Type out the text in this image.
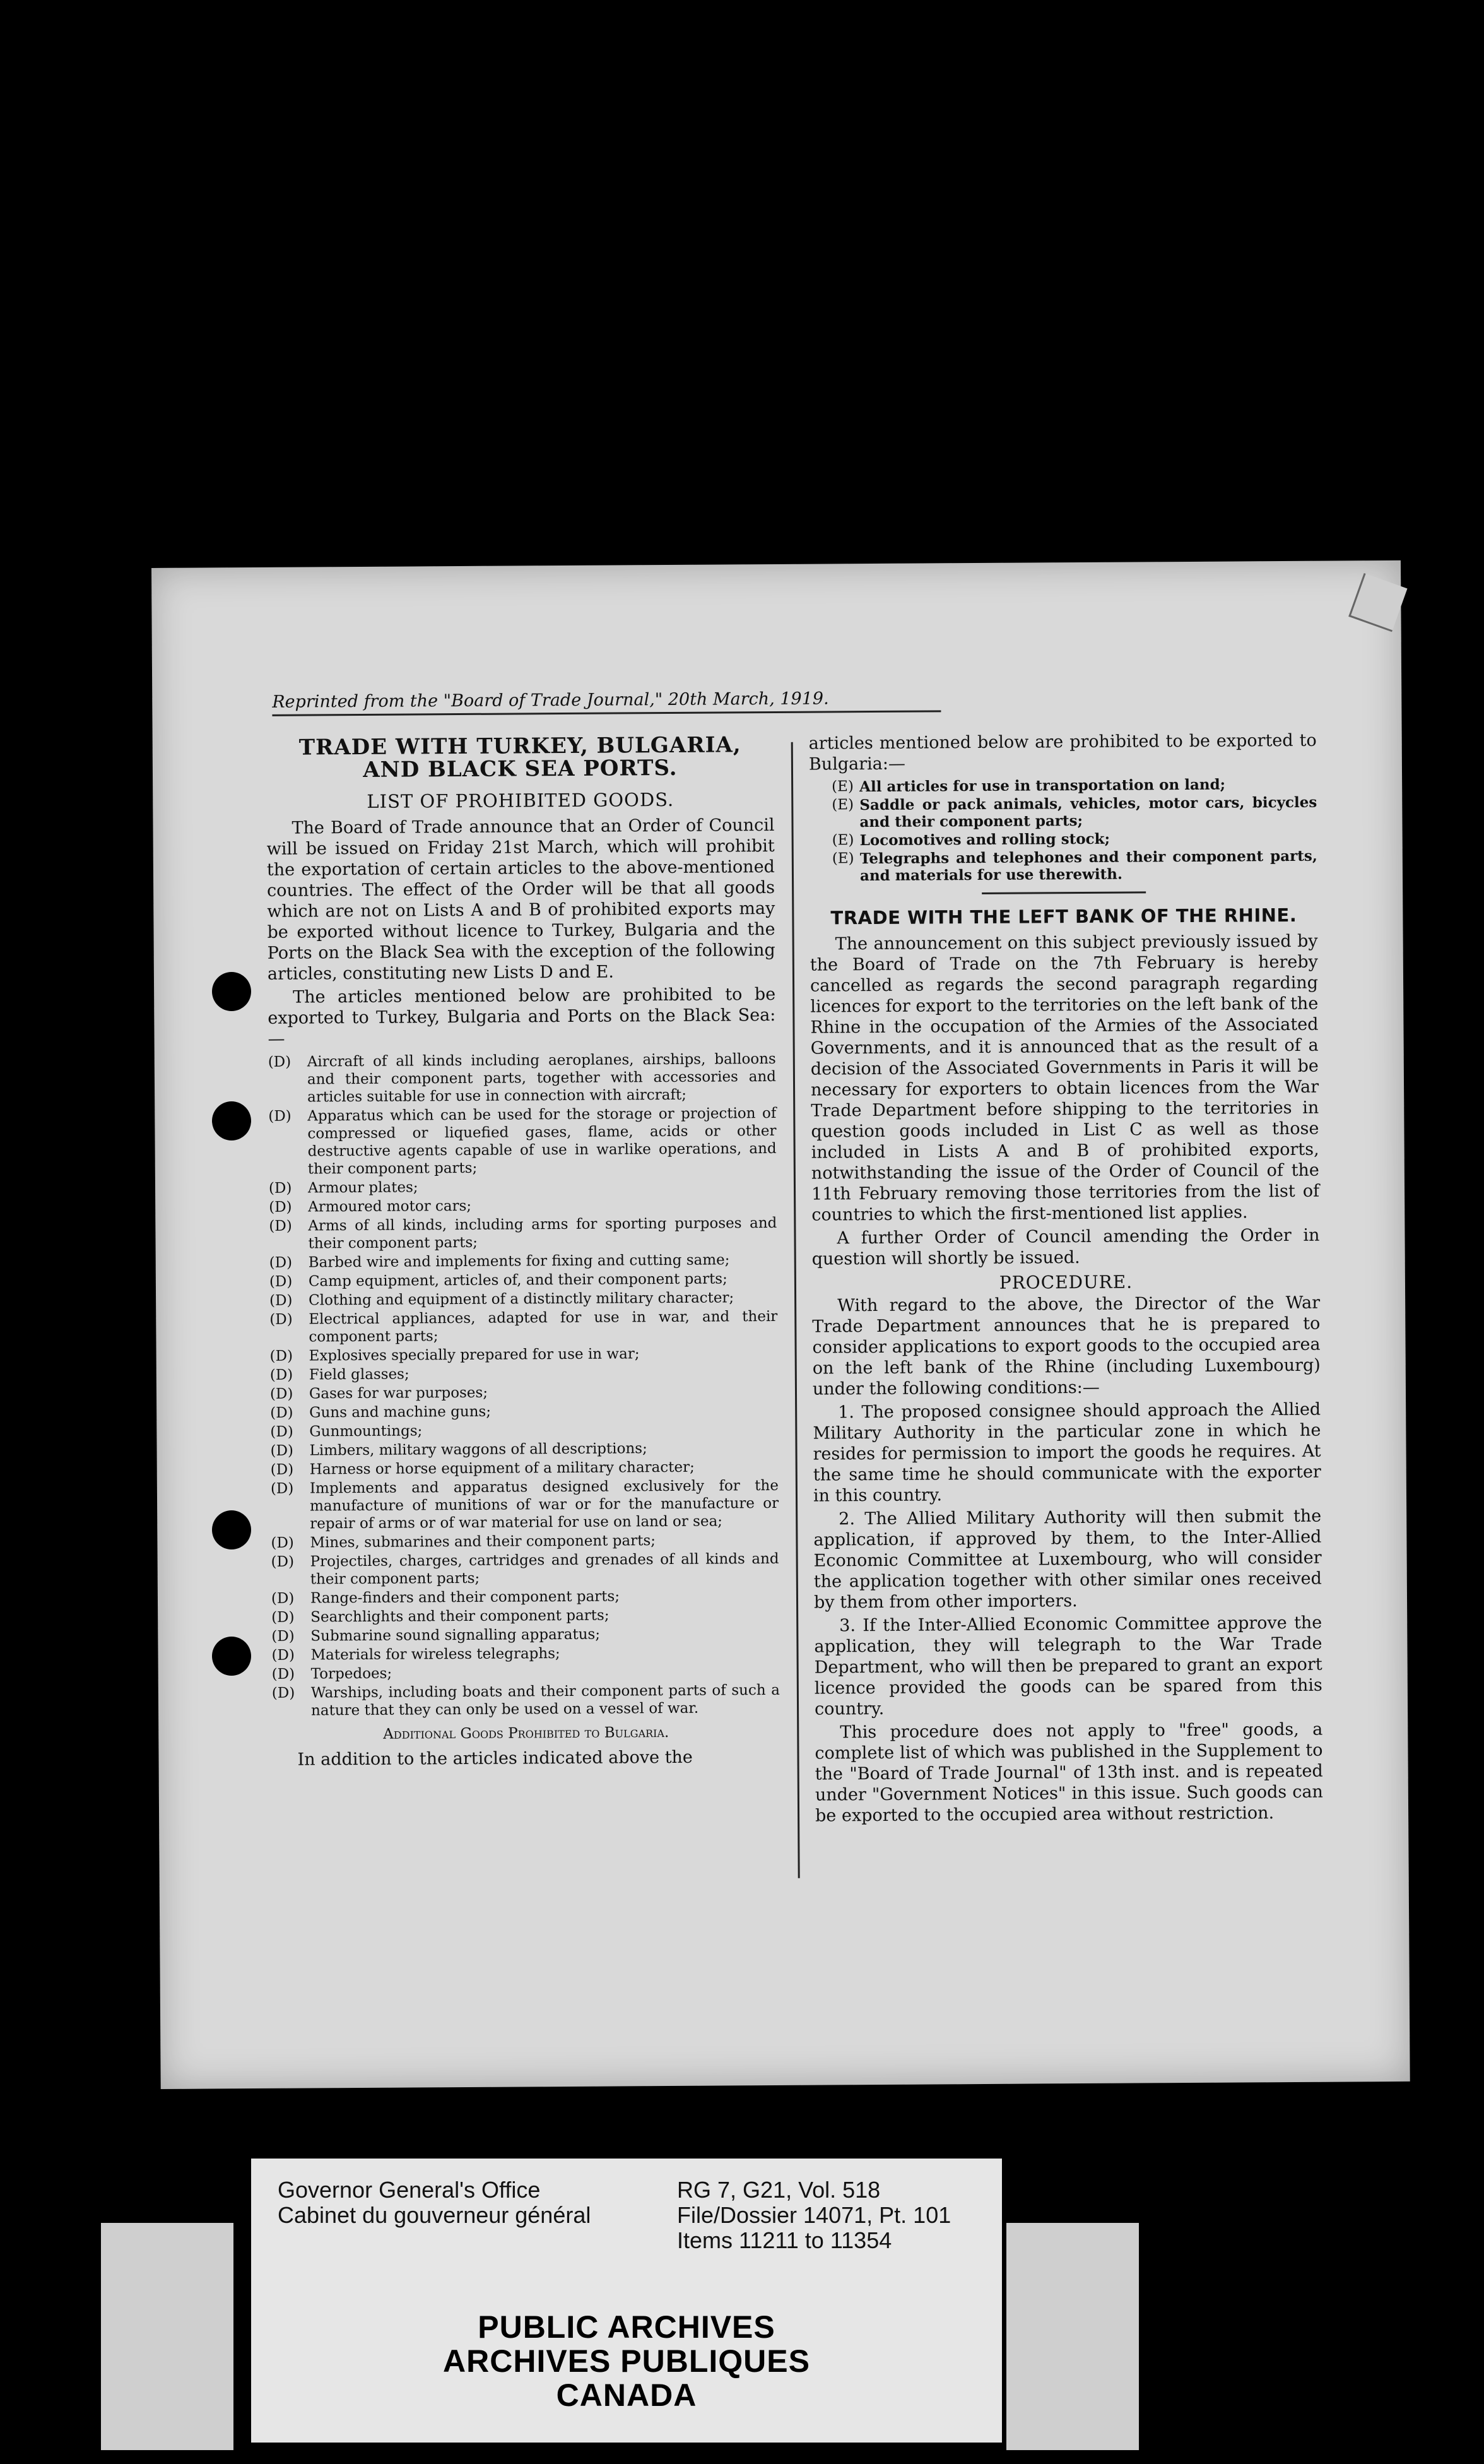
Reprinted from the "Board of Trade Journal," 20th March, 1919.
TRADE WITH TURKEY, BULGARIA,
AND BLACK SEA PORTS.
LIST OF PROHIBITED GOODS.

The Board of Trade announce that an Order of Council will be issued on Friday 21st March, which will prohibit the exportation of certain articles to the above-mentioned countries. The effect of the Order will be that all goods which are not on Lists A and B of prohibited exports may be exported without licence to Turkey, Bulgaria and the Ports on the Black Sea with the exception of the following articles, constituting new Lists D and E.

The articles mentioned below are prohibited to be exported to Turkey, Bulgaria and Ports on the Black Sea:—

(D) Aircraft of all kinds including aeroplanes, airships, balloons and their component parts, together with accessories and articles suitable for use in connection with aircraft;
(D) Apparatus which can be used for the storage or projection of compressed or liquefied gases, flame, acids or other destructive agents capable of use in warlike operations, and their component parts;
(D) Armour plates;
(D) Armoured motor cars;
(D) Arms of all kinds, including arms for sporting purposes and their component parts;
(D) Barbed wire and implements for fixing and cutting same;
(D) Camp equipment, articles of, and their component parts;
(D) Clothing and equipment of a distinctly military character;
(D) Electrical appliances, adapted for use in war, and their component parts;
(D) Explosives specially prepared for use in war;
(D) Field glasses;
(D) Gases for war purposes;
(D) Guns and machine guns;
(D) Gunmountings;
(D) Limbers, military waggons of all descriptions;
(D) Harness or horse equipment of a military character;
(D) Implements and apparatus designed exclusively for the manufacture of munitions of war or for the manufacture or repair of arms or of war material for use on land or sea;
(D) Mines, submarines and their component parts;
(D) Projectiles, charges, cartridges and grenades of all kinds and their component parts;
(D) Range-finders and their component parts;
(D) Searchlights and their component parts;
(D) Submarine sound signalling apparatus;
(D) Materials for wireless telegraphs;
(D) Torpedoes;
(D) Warships, including boats and their component parts of such a nature that they can only be used on a vessel of war.
Additional Goods Prohibited to Bulgaria.

In addition to the articles indicated above the

articles mentioned below are prohibited to be exported to Bulgaria:—

(E) All articles for use in transportation on land;
(E) Saddle or pack animals, vehicles, motor cars, bicycles and their component parts;
(E) Locomotives and rolling stock;
(E) Telegraphs and telephones and their component parts, and materials for use therewith.
TRADE WITH THE LEFT BANK OF THE RHINE.

The announcement on this subject previously issued by the Board of Trade on the 7th February is hereby cancelled as regards the second paragraph regarding licences for export to the territories on the left bank of the Rhine in the occupation of the Armies of the Associated Governments, and it is announced that as the result of a decision of the Associated Governments in Paris it will be necessary for exporters to obtain licences from the War Trade Department before shipping to the territories in question goods included in List C as well as those included in Lists A and B of prohibited exports, notwithstanding the issue of the Order of Council of the 11th February removing those territories from the list of countries to which the first-mentioned list applies.

A further Order of Council amending the Order in question will shortly be issued.

PROCEDURE.

With regard to the above, the Director of the War Trade Department announces that he is prepared to consider applications to export goods to the occupied area on the left bank of the Rhine (including Luxembourg) under the following conditions:—

1. The proposed consignee should approach the Allied Military Authority in the particular zone in which he resides for permission to import the goods he requires. At the same time he should communicate with the exporter in this country.

2. The Allied Military Authority will then submit the application, if approved by them, to the Inter-Allied Economic Committee at Luxembourg, who will consider the application together with other similar ones received by them from other importers.

3. If the Inter-Allied Economic Committee approve the application, they will telegraph to the War Trade Department, who will then be prepared to grant an export licence provided the goods can be spared from this country.

This procedure does not apply to "free" goods, a complete list of which was published in the Supplement to the "Board of Trade Journal" of 13th inst. and is repeated under "Government Notices" in this issue. Such goods can be exported to the occupied area without restriction.

Governor General's Office
Cabinet du gouverneur général
RG 7, G21, Vol. 518
File/Dossier 14071, Pt. 101
Items 11211 to 11354
PUBLIC ARCHIVES
ARCHIVES PUBLIQUES
CANADA
